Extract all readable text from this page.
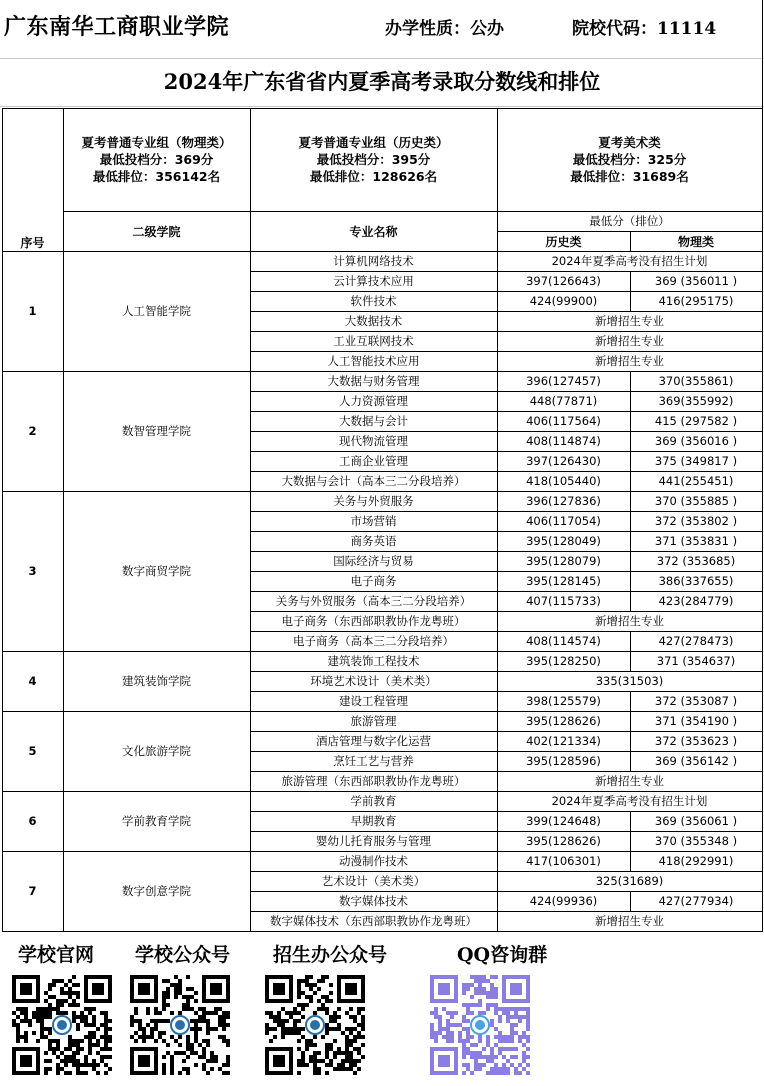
广东南华工商职业学院	办学性质：公办	院校代码：11114
2024年广东省省内夏季高考录取分数线和排位
夏考普通专业组（物理类）
最低投档分：369分
最低排位：356142名
夏考普通专业组（历史类）
最低投档分：395分
最低排位：128626名
夏考美术类
最低投档分：325分
最低排位：31689名
序号
二级学院	专业名称
最低分（排位）
历史类	物理类
计算机网络技术	2024年夏季高考没有招生计划
云计算技术应用	397(126643)	369 (356011 )
软件技术	424(99900)	416(295175)
大数据技术	新增招生专业
工业互联网技术	新增招生专业
人工智能技术应用	新增招生专业
1	人工智能学院
大数据与财务管理	396(127457)	370(355861)
人力资源管理	448(77871)	369(355992)
大数据与会计	406(117564)	415 (297582 )
现代物流管理	408(114874)	369 (356016 )
工商企业管理	397(126430)	375 (349817 )
大数据与会计（高本三二分段培养）	418(105440)	441(255451)
2	数智管理学院
关务与外贸服务	396(127836)	370 (355885 )
市场营销	406(117054)	372 (353802 )
商务英语	395(128049)	371 (353831 )
国际经济与贸易	395(128079)	372 (353685)
电子商务	395(128145)	386(337655)
关务与外贸服务（高本三二分段培养）	407(115733)	423(284779)
电子商务（东西部职教协作龙粤班）	新增招生专业
电子商务（高本三二分段培养）	408(114574)	427(278473)
3	数字商贸学院
建筑装饰工程技术	395(128250)	371 (354637)
环境艺术设计（美术类）	335(31503)
建设工程管理	398(125579)	372 (353087 )
4	建筑装饰学院
旅游管理	395(128626)	371 (354190 )
酒店管理与数字化运营	402(121334)	372 (353623 )
烹饪工艺与营养	395(128596)	369 (356142 )
旅游管理（东西部职教协作龙粤班）	新增招生专业
5	文化旅游学院
学前教育	2024年夏季高考没有招生计划
早期教育	399(124648)	369 (356061 )
婴幼儿托育服务与管理	395(128626)	370 (355348 )
6	学前教育学院
动漫制作技术	417(106301)	418(292991)
艺术设计（美术类）	325(31689)
数字媒体技术	424(99936)	427(277934)
数字媒体技术（东西部职教协作龙粤班）	新增招生专业
7	数字创意学院
学校官网 学校公众号 招生办公众号	QQ咨询群
